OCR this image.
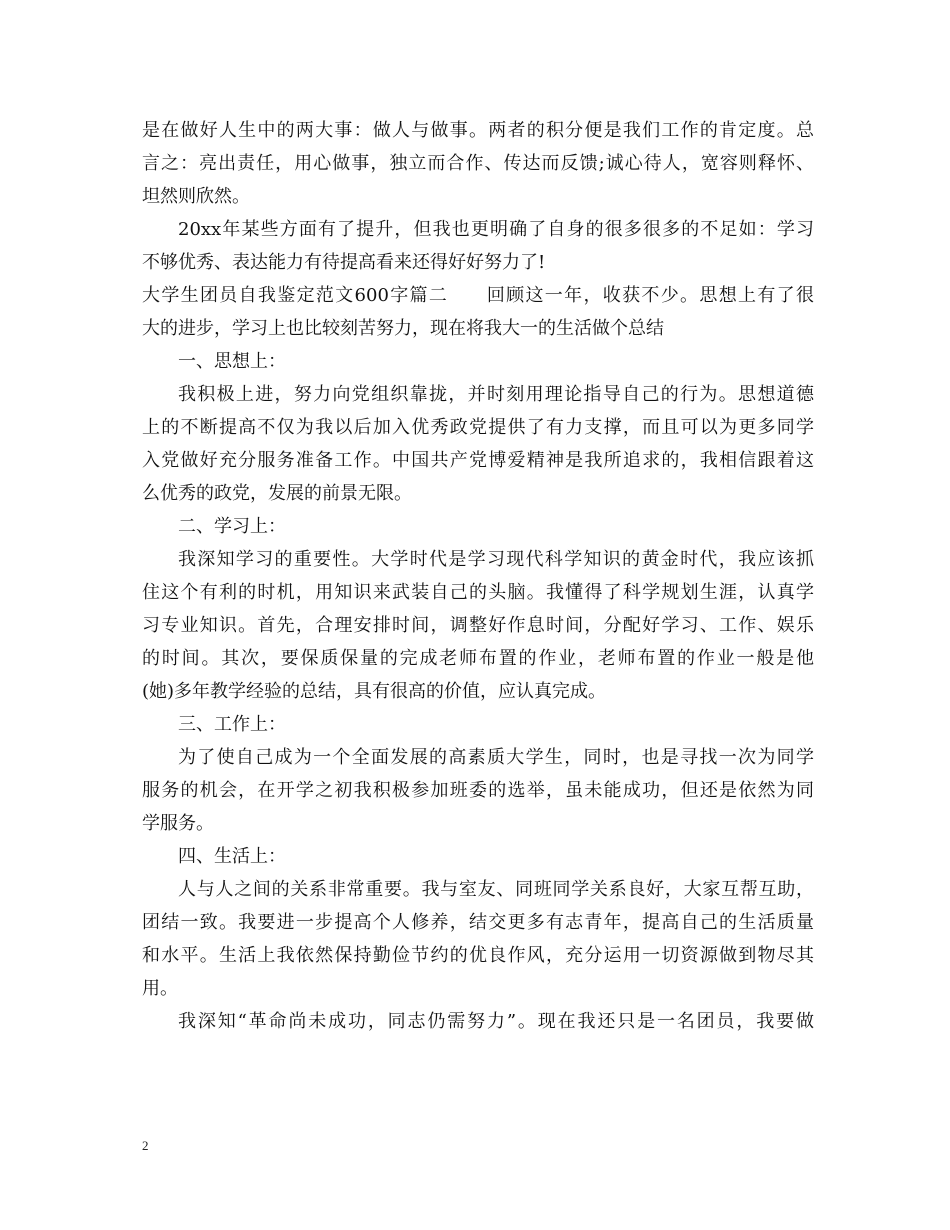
是在做好人生中的两大事：做人与做事。两者的积分便是我们工作的肯定度。总
言之：亮出责任，用心做事，独立而合作、传达而反馈;诚心待人，宽容则释怀、
坦然则欣然。
20xx年某些方面有了提升，但我也更明确了自身的很多很多的不足如：学习
不够优秀、表达能力有待提高看来还得好好努力了!
大学生团员自我鉴定范文600字篇二　　回顾这一年，收获不少。思想上有了很
大的进步，学习上也比较刻苦努力，现在将我大一的生活做个总结
一、思想上：
我积极上进，努力向党组织靠拢，并时刻用理论指导自己的行为。思想道德
上的不断提高不仅为我以后加入优秀政党提供了有力支撑，而且可以为更多同学
入党做好充分服务准备工作。中国共产党博爱精神是我所追求的，我相信跟着这
么优秀的政党，发展的前景无限。
二、学习上：
我深知学习的重要性。大学时代是学习现代科学知识的黄金时代，我应该抓
住这个有利的时机，用知识来武装自己的头脑。我懂得了科学规划生涯，认真学
习专业知识。首先，合理安排时间，调整好作息时间，分配好学习、工作、娱乐
的时间。其次，要保质保量的完成老师布置的作业，老师布置的作业一般是他
(她)多年教学经验的总结，具有很高的价值，应认真完成。
三、工作上：
为了使自己成为一个全面发展的高素质大学生，同时，也是寻找一次为同学
服务的机会，在开学之初我积极参加班委的选举，虽未能成功，但还是依然为同
学服务。
四、生活上：
人与人之间的关系非常重要。我与室友、同班同学关系良好，大家互帮互助，
团结一致。我要进一步提高个人修养，结交更多有志青年，提高自己的生活质量
和水平。生活上我依然保持勤俭节约的优良作风，充分运用一切资源做到物尽其
用。
我深知“革命尚未成功，同志仍需努力”。现在我还只是一名团员，我要做
2
